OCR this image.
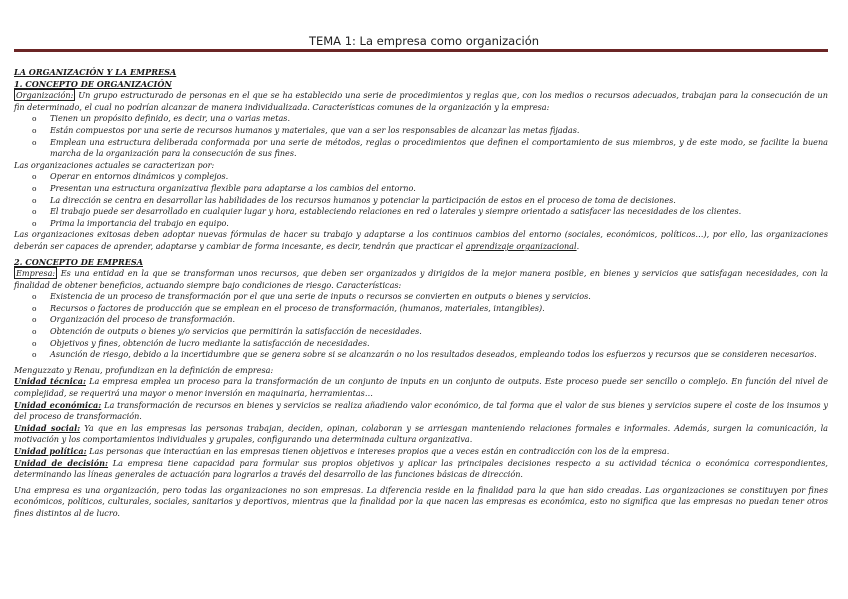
TEMA 1: La empresa como organización

LA ORGANIZACIÓN Y LA EMPRESA

1. CONCEPTO DE ORGANIZACIÓN

Organización: Un grupo estructurado de personas en el que se ha establecido una serie de procedimientos y reglas que, con los medios o recursos adecuados, trabajan para la consecución de un fin determinado, el cual no podrían alcanzar de manera individualizada. Características comunes de la organización y la empresa:

o Tienen un propósito definido, es decir, una o varias metas.
o Están compuestos por una serie de recursos humanos y materiales, que van a ser los responsables de alcanzar las metas fijadas.
o Emplean una estructura deliberada conformada por una serie de métodos, reglas o procedimientos que definen el comportamiento de sus miembros, y de este modo, se facilite la buena marcha de la organización para la consecución de sus fines.

Las organizaciones actuales se caracterizan por:

o Operar en entornos dinámicos y complejos.
o Presentan una estructura organizativa flexible para adaptarse a los cambios del entorno.
o La dirección se centra en desarrollar las habilidades de los recursos humanos y potenciar la participación de estos en el proceso de toma de decisiones.
o El trabajo puede ser desarrollado en cualquier lugar y hora, estableciendo relaciones en red o laterales y siempre orientado a satisfacer las necesidades de los clientes.
o Prima la importancia del trabajo en equipo.

Las organizaciones exitosas deben adoptar nuevas fórmulas de hacer su trabajo y adaptarse a los continuos cambios del entorno (sociales, económicos, políticos…), por ello, las organizaciones deberán ser capaces de aprender, adaptarse y cambiar de forma incesante, es decir, tendrán que practicar el aprendizaje organizacional.

2. CONCEPTO DE EMPRESA

Empresa: Es una entidad en la que se transforman unos recursos, que deben ser organizados y dirigidos de la mejor manera posible, en bienes y servicios que satisfagan necesidades, con la finalidad de obtener beneficios, actuando siempre bajo condiciones de riesgo. Características:

o Existencia de un proceso de transformación por el que una serie de inputs o recursos se convierten en outputs o bienes y servicios.
o Recursos o factores de producción que se emplean en el proceso de transformación, (humanos, materiales, intangibles).
o Organización del proceso de transformación.
o Obtención de outputs o bienes y/o servicios que permitirán la satisfacción de necesidades.
o Objetivos y fines, obtención de lucro mediante la satisfacción de necesidades.
o Asunción de riesgo, debido a la incertidumbre que se genera sobre si se alcanzarán o no los resultados deseados, empleando todos los esfuerzos y recursos que se consideren necesarios.

Menguzzato y Renau, profundizan en la definición de empresa:

Unidad técnica: La empresa emplea un proceso para la transformación de un conjunto de inputs en un conjunto de outputs. Este proceso puede ser sencillo o complejo. En función del nivel de complejidad, se requerirá una mayor o menor inversión en maquinaria, herramientas…

Unidad económica: La transformación de recursos en bienes y servicios se realiza añadiendo valor económico, de tal forma que el valor de sus bienes y servicios supere el coste de los insumos y del proceso de transformación.

Unidad social: Ya que en las empresas las personas trabajan, deciden, opinan, colaboran y se arriesgan manteniendo relaciones formales e informales. Además, surgen la comunicación, la motivación y los comportamientos individuales y grupales, configurando una determinada cultura organizativa.

Unidad política: Las personas que interactúan en las empresas tienen objetivos e intereses propios que a veces están en contradicción con los de la empresa.

Unidad de decisión: La empresa tiene capacidad para formular sus propios objetivos y aplicar las principales decisiones respecto a su actividad técnica o económica correspondientes, determinando las líneas generales de actuación para lograrlos a través del desarrollo de las funciones básicas de dirección.

Una empresa es una organización, pero todas las organizaciones no son empresas. La diferencia reside en la finalidad para la que han sido creadas. Las organizaciones se constituyen por fines económicos, políticos, culturales, sociales, sanitarios y deportivos, mientras que la finalidad por la que nacen las empresas es económica, esto no significa que las empresas no puedan tener otros fines distintos al de lucro.
